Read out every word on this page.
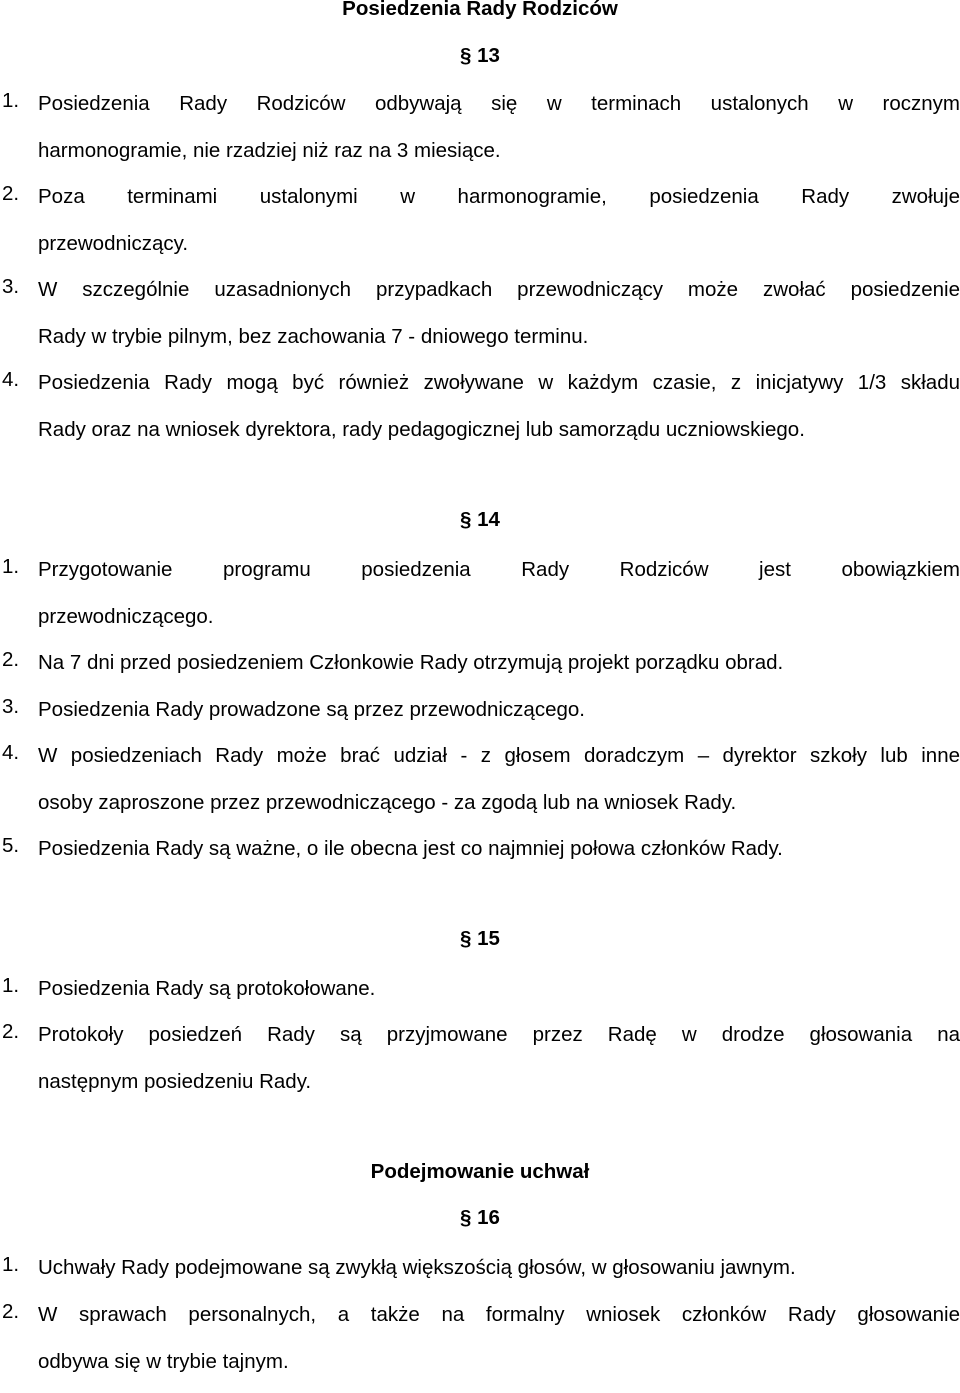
Posiedzenia Rady Rodziców
§ 13
1. Posiedzenia Rady Rodziców odbywają się w terminach ustalonych w rocznym
harmonogramie, nie rzadziej niż raz na 3 miesiące.
2. Poza terminami ustalonymi w harmonogramie, posiedzenia Rady zwołuje
przewodniczący.
3. W szczególnie uzasadnionych przypadkach przewodniczący może zwołać posiedzenie
Rady w trybie pilnym, bez zachowania 7 - dniowego terminu.
4. Posiedzenia Rady mogą być również zwoływane w każdym czasie, z inicjatywy 1/3 składu
Rady oraz na wniosek dyrektora, rady pedagogicznej lub samorządu uczniowskiego.
§ 14
1. Przygotowanie programu posiedzenia Rady Rodziców jest obowiązkiem
przewodniczącego.
2. Na 7 dni przed posiedzeniem Członkowie Rady otrzymują projekt porządku obrad.
3. Posiedzenia Rady prowadzone są przez przewodniczącego.
4. W posiedzeniach Rady może brać udział - z głosem doradczym – dyrektor szkoły lub inne
osoby zaproszone przez przewodniczącego - za zgodą lub na wniosek Rady.
5. Posiedzenia Rady są ważne, o ile obecna jest co najmniej połowa członków Rady.
§ 15
1. Posiedzenia Rady są protokołowane.
2. Protokoły posiedzeń Rady są przyjmowane przez Radę w drodze głosowania na
następnym posiedzeniu Rady.
Podejmowanie uchwał
§ 16
1. Uchwały Rady podejmowane są zwykłą większością głosów, w głosowaniu jawnym.
2. W sprawach personalnych, a także na formalny wniosek członków Rady głosowanie
odbywa się w trybie tajnym.
